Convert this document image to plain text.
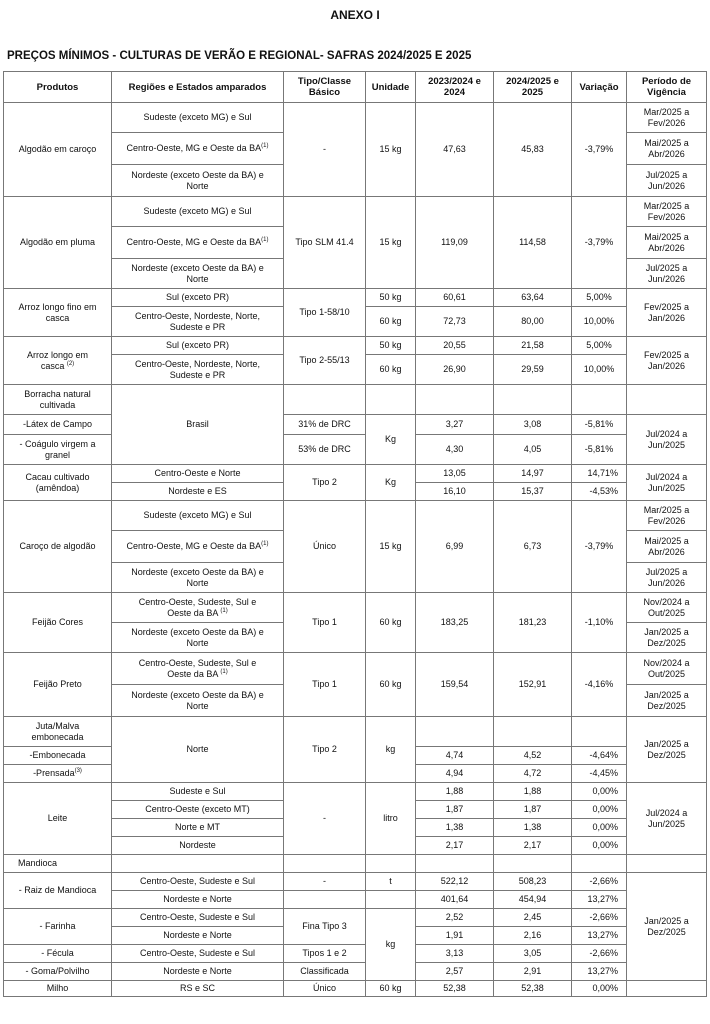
ANEXO I
PREÇOS MÍNIMOS - CULTURAS DE VERÃO E REGIONAL- SAFRAS 2024/2025 E 2025
Produtos	Regiões e Estados amparados	Tipo/Classe Básico	Unidade	2023/2024 e 2024	2024/2025 e 2025	Variação	Período de Vigência
Algodão em caroço	Sudeste (exceto MG) e Sul	-	15 kg	47,63	45,83	-3,79%	Mar/2025 a
Fev/2026
	Centro-Oeste, MG e Oeste da BA$^{(1)}$						Mai/2025 a
Abr/2026
	Nordeste (exceto Oeste da BA) e
Norte						Jul/2025 a
Jun/2026
Algodão em pluma	Sudeste (exceto MG) e Sul	Tipo SLM 41.4	15 kg	119,09	114,58	-3,79%	Mar/2025 a
Fev/2026
	Centro-Oeste, MG e Oeste da BA$^{(1)}$						Mai/2025 a
Abr/2026
	Nordeste (exceto Oeste da BA) e
Norte						Jul/2025 a
Jun/2026
Arroz longo fino em
casca	Sul (exceto PR)	Tipo 1-58/10	50 kg	60,61	63,64	5,00%	Fev/2025 a
Jan/2026
	Centro-Oeste, Nordeste, Norte,
Sudeste e PR		60 kg	72,73	80,00	10,00%	
Arroz longo em
casca $^{(2)}$	Sul (exceto PR)	Tipo 2-55/13	50 kg	20,55	21,58	5,00%	Fev/2025 a
Jan/2026
	Centro-Oeste, Nordeste, Norte,
Sudeste e PR		60 kg	26,90	29,59	10,00%	
Borracha natural
cultivada	Brasil						
-Látex de Campo		31% de DRC	Kg	3,27	3,08	-5,81%	Jul/2024 a
Jun/2025
- Coágulo virgem a
granel		53% de DRC		4,30	4,05	-5,81%	
Cacau cultivado
(amêndoa)	Centro-Oeste e Norte	Tipo 2	Kg	13,05	14,97	14,71%	Jul/2024 a
Jun/2025
	Nordeste e ES			16,10	15,37	-4,53%	
Caroço de algodão	Sudeste (exceto MG) e Sul	Único	15 kg	6,99	6,73	-3,79%	Mar/2025 a
Fev/2026
	Centro-Oeste, MG e Oeste da BA$^{(1)}$						Mai/2025 a
Abr/2026
	Nordeste (exceto Oeste da BA) e
Norte						Jul/2025 a
Jun/2026
Feijão Cores	Centro-Oeste, Sudeste, Sul e
Oeste da BA $^{(1)}$	Tipo 1	60 kg	183,25	181,23	-1,10%	Nov/2024 a
Out/2025
	Nordeste (exceto Oeste da BA) e
Norte						Jan/2025 a
Dez/2025
Feijão Preto	Centro-Oeste, Sudeste, Sul e
Oeste da BA $^{(1)}$	Tipo 1	60 kg	159,54	152,91	-4,16%	Nov/2024 a
Out/2025
	Nordeste (exceto Oeste da BA) e
Norte						Jan/2025 a
Dez/2025
Juta/Malva
embonecada	Norte	Tipo 2	kg				Jan/2025 a
Dez/2025
-Embonecada				4,74	4,52	-4,64%	
-Prensada$^{(3)}$				4,94	4,72	-4,45%	
Leite	Sudeste e Sul	-	litro	1,88	1,88	0,00%	Jul/2024 a
Jun/2025
	Centro-Oeste (exceto MT)			1,87	1,87	0,00%	
	Norte e MT			1,38	1,38	0,00%	
	Nordeste			2,17	2,17	0,00%	
Mandioca							
- Raiz de Mandioca	Centro-Oeste, Sudeste e Sul	-	t	522,12	508,23	-2,66%	Jan/2025 a
Dez/2025
	Nordeste e Norte			401,64	454,94	13,27%	
- Farinha	Centro-Oeste, Sudeste e Sul	Fina Tipo 3	kg	2,52	2,45	-2,66%	
	Nordeste e Norte			1,91	2,16	13,27%	
- Fécula	Centro-Oeste, Sudeste e Sul	Tipos 1 e 2		3,13	3,05	-2,66%	
- Goma/Polvilho	Nordeste e Norte	Classificada		2,57	2,91	13,27%	
Milho	RS e SC	Único	60 kg	52,38	52,38	0,00%	
